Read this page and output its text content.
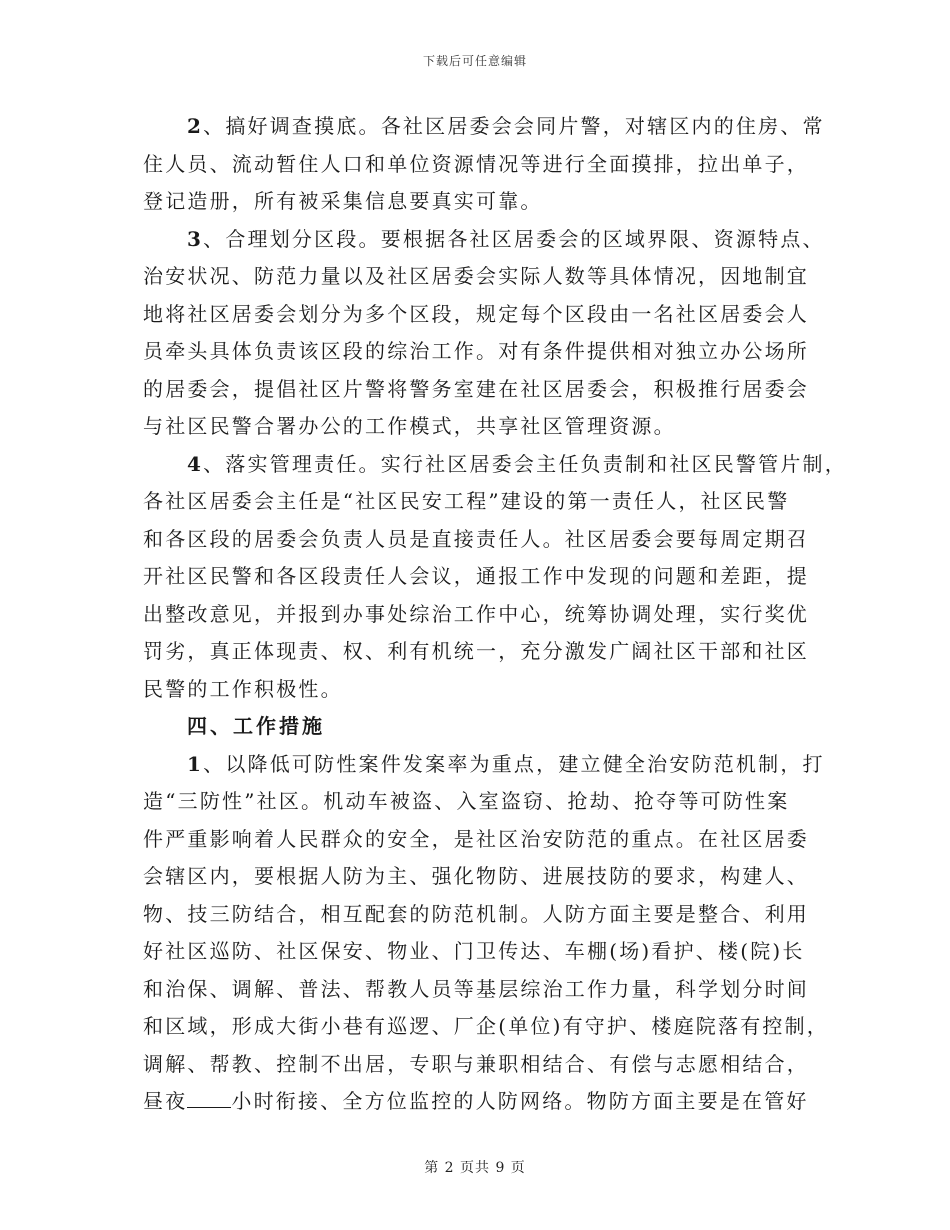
下载后可任意编辑
2、搞好调查摸底。各社区居委会会同片警，对辖区内的住房、常
住人员、流动暂住人口和单位资源情况等进行全面摸排，拉出单子，
登记造册，所有被采集信息要真实可靠。
3、合理划分区段。要根据各社区居委会的区域界限、资源特点、
治安状况、防范力量以及社区居委会实际人数等具体情况，因地制宜
地将社区居委会划分为多个区段，规定每个区段由一名社区居委会人
员牵头具体负责该区段的综治工作。对有条件提供相对独立办公场所
的居委会，提倡社区片警将警务室建在社区居委会，积极推行居委会
与社区民警合署办公的工作模式，共享社区管理资源。
4、落实管理责任。实行社区居委会主任负责制和社区民警管片制，
各社区居委会主任是“社区民安工程”建设的第一责任人，社区民警
和各区段的居委会负责人员是直接责任人。社区居委会要每周定期召
开社区民警和各区段责任人会议，通报工作中发现的问题和差距，提
出整改意见，并报到办事处综治工作中心，统筹协调处理，实行奖优
罚劣，真正体现责、权、利有机统一，充分激发广阔社区干部和社区
民警的工作积极性。
四、工作措施
1、以降低可防性案件发案率为重点，建立健全治安防范机制，打
造“三防性”社区。机动车被盗、入室盗窃、抢劫、抢夺等可防性案
件严重影响着人民群众的安全，是社区治安防范的重点。在社区居委
会辖区内，要根据人防为主、强化物防、进展技防的要求，构建人、
物、技三防结合，相互配套的防范机制。人防方面主要是整合、利用
好社区巡防、社区保安、物业、门卫传达、车棚(场)看护、楼(院)长
和治保、调解、普法、帮教人员等基层综治工作力量，科学划分时间
和区域，形成大街小巷有巡逻、厂企(单位)有守护、楼庭院落有控制，
调解、帮教、控制不出居，专职与兼职相结合、有偿与志愿相结合，
昼夜 小时衔接、全方位监控的人防网络。物防方面主要是在管好
第 2 页共 9 页
